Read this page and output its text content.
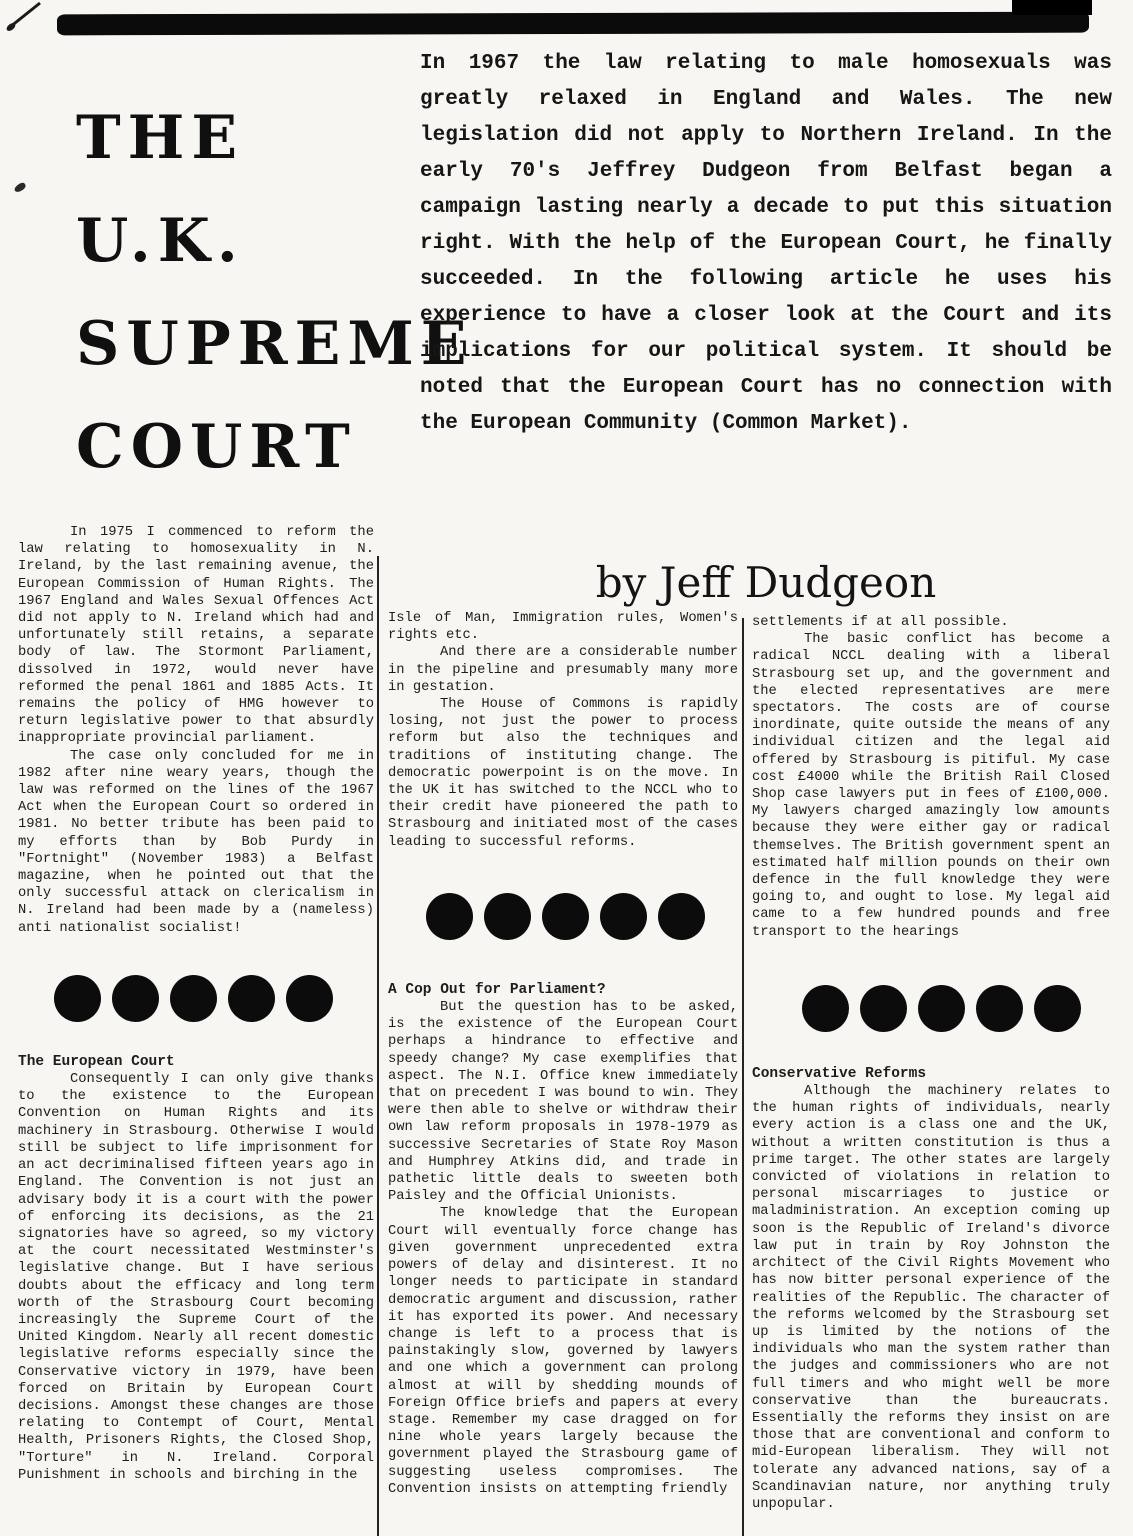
THE
U.K.
SUPREME
COURT
In 1967 the law relating to male homosexuals was greatly relaxed in England and Wales. The new legislation did not apply to Northern Ireland. In the early 70's Jeffrey Dudgeon from Belfast began a campaign lasting nearly a decade to put this situation right. With the help of the European Court, he finally succeeded. In the following article he uses his experience to have a closer look at the Court and its implications for our political system. It should be noted that the European Court has no connection with the European Community (Common Market).
by Jeff Dudgeon

In 1975 I commenced to reform the law relating to homosexuality in N. Ireland, by the last remaining avenue, the European Commission of Human Rights. The 1967 England and Wales Sexual Offences Act did not apply to N. Ireland which had and unfortunately still retains, a separate body of law. The Stormont Parliament, dissolved in 1972, would never have reformed the penal 1861 and 1885 Acts. It remains the policy of HMG however to return legislative power to that absurdly inappropriate provincial parliament.

The case only concluded for me in 1982 after nine weary years, though the law was reformed on the lines of the 1967 Act when the European Court so ordered in 1981. No better tribute has been paid to my efforts than by Bob Purdy in "Fortnight" (November 1983) a Belfast magazine, when he pointed out that the only successful attack on clericalism in N. Ireland had been made by a (nameless) anti nationalist socialist!

The European Court

Consequently I can only give thanks to the existence to the European Convention on Human Rights and its machinery in Strasbourg. Otherwise I would still be subject to life imprisonment for an act decriminalised fifteen years ago in England. The Convention is not just an advisary body it is a court with the power of enforcing its decisions, as the 21 signatories have so agreed, so my victory at the court necessitated Westminster's legislative change. But I have serious doubts about the efficacy and long term worth of the Strasbourg Court becoming increasingly the Supreme Court of the United Kingdom. Nearly all recent domestic legislative reforms especially since the Conservative victory in 1979, have been forced on Britain by European Court decisions. Amongst these changes are those relating to Contempt of Court, Mental Health, Prisoners Rights, the Closed Shop, "Torture" in N. Ireland. Corporal Punishment in schools and birching in the

Isle of Man, Immigration rules, Women's rights etc.

And there are a considerable number in the pipeline and presumably many more in gestation.

The House of Commons is rapidly losing, not just the power to process reform but also the techniques and traditions of instituting change. The democratic powerpoint is on the move. In the UK it has switched to the NCCL who to their credit have pioneered the path to Strasbourg and initiated most of the cases leading to successful reforms.

A Cop Out for Parliament?

But the question has to be asked, is the existence of the European Court perhaps a hindrance to effective and speedy change? My case exemplifies that aspect. The N.I. Office knew immediately that on precedent I was bound to win. They were then able to shelve or withdraw their own law reform proposals in 1978-1979 as successive Secretaries of State Roy Mason and Humphrey Atkins did, and trade in pathetic little deals to sweeten both Paisley and the Official Unionists.

The knowledge that the European Court will eventually force change has given government unprecedented extra powers of delay and disinterest. It no longer needs to participate in standard democratic argument and discussion, rather it has exported its power. And necessary change is left to a process that is painstakingly slow, governed by lawyers and one which a government can prolong almost at will by shedding mounds of Foreign Office briefs and papers at every stage. Remember my case dragged on for nine whole years largely because the government played the Strasbourg game of suggesting useless compromises. The Convention insists on attempting friendly

settlements if at all possible.

The basic conflict has become a radical NCCL dealing with a liberal Strasbourg set up, and the government and the elected representatives are mere spectators. The costs are of course inordinate, quite outside the means of any individual citizen and the legal aid offered by Strasbourg is pitiful. My case cost £4000 while the British Rail Closed Shop case lawyers put in fees of £100,000. My lawyers charged amazingly low amounts because they were either gay or radical themselves. The British government spent an estimated half million pounds on their own defence in the full knowledge they were going to, and ought to lose. My legal aid came to a few hundred pounds and free transport to the hearings

Conservative Reforms

Although the machinery relates to the human rights of individuals, nearly every action is a class one and the UK, without a written constitution is thus a prime target. The other states are largely convicted of violations in relation to personal miscarriages to justice or maladministration. An exception coming up soon is the Republic of Ireland's divorce law put in train by Roy Johnston the architect of the Civil Rights Movement who has now bitter personal experience of the realities of the Republic. The character of the reforms welcomed by the Strasbourg set up is limited by the notions of the individuals who man the system rather than the judges and commissioners who are not full timers and who might well be more conservative than the bureaucrats. Essentially the reforms they insist on are those that are conventional and conform to mid-European liberalism. They will not tolerate any advanced nations, say of a Scandinavian nature, nor anything truly unpopular.
